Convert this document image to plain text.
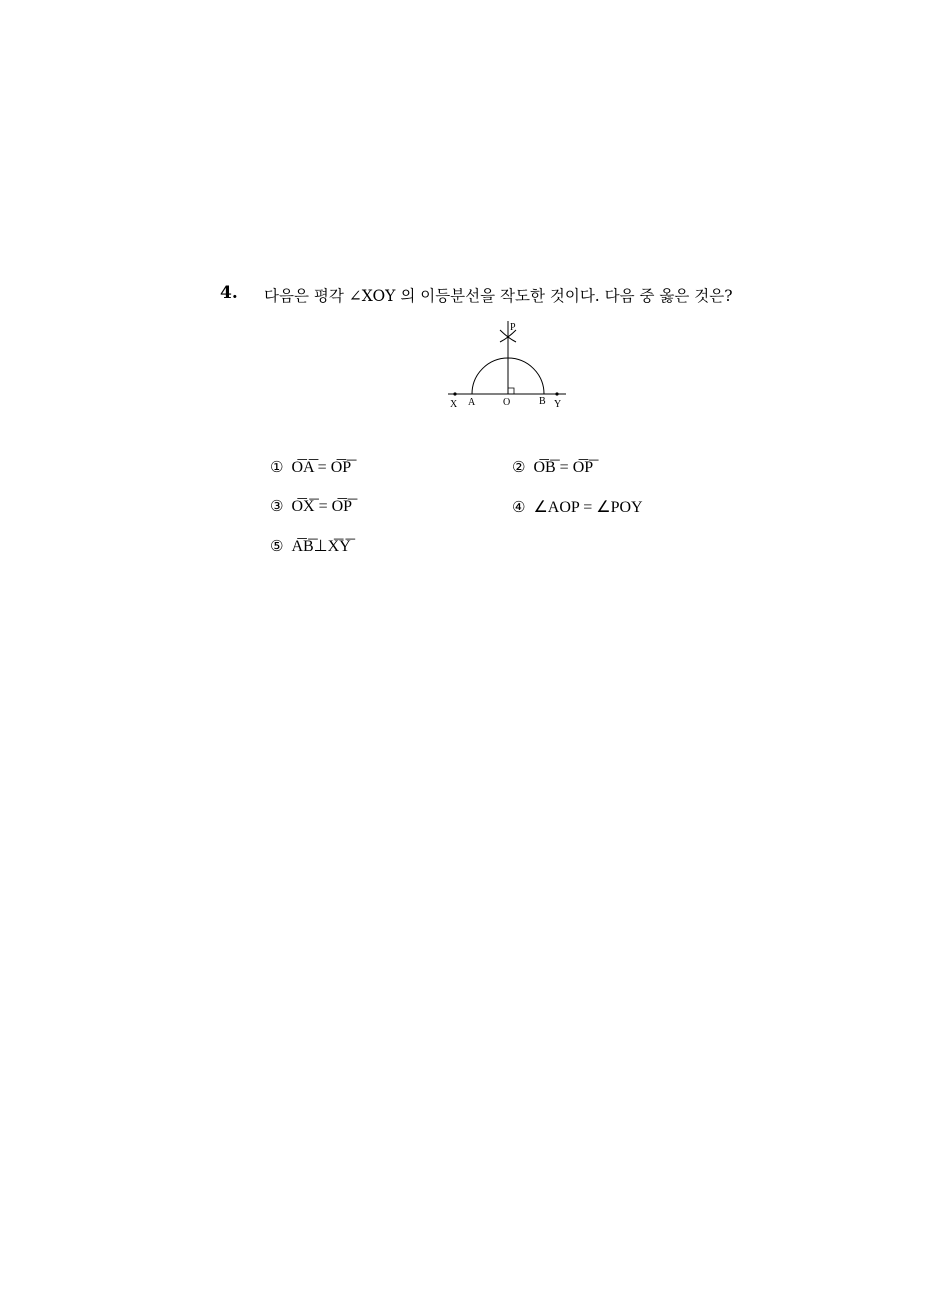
4. 다음은 평각 ∠XOY 의 이등분선을 작도한 것이다. 다음 중 옳은 것은?
P
X A	O	B Y
① O͞A͞ = O͞P͞	② O͞B͞ = O͞P͞
③ O͞X͞ = O͞P͞	④ ∠AOP = ∠POY
⑤ A͞B͞⊥X͞Y͞
